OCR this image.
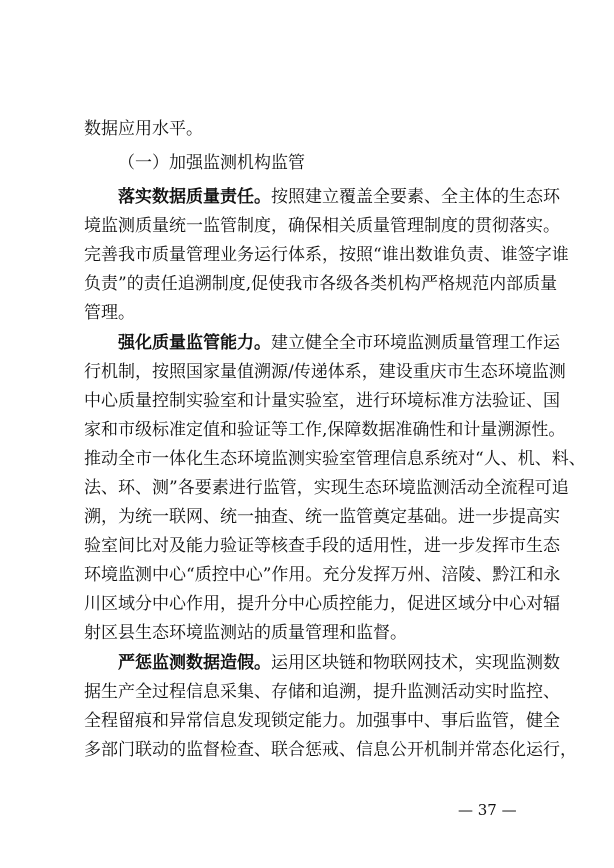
数据应用水平。
（一）加强监测机构监管
落实数据质量责任。按照建立覆盖全要素、全主体的生态环
境监测质量统一监管制度，确保相关质量管理制度的贯彻落实。
完善我市质量管理业务运行体系，按照“谁出数谁负责、谁签字谁
负责”的责任追溯制度,促使我市各级各类机构严格规范内部质量
管理。
强化质量监管能力。建立健全全市环境监测质量管理工作运
行机制，按照国家量值溯源/传递体系，建设重庆市生态环境监测
中心质量控制实验室和计量实验室，进行环境标准方法验证、国
家和市级标准定值和验证等工作,保障数据准确性和计量溯源性。
推动全市一体化生态环境监测实验室管理信息系统对“人、机、料、
法、环、测”各要素进行监管，实现生态环境监测活动全流程可追
溯，为统一联网、统一抽查、统一监管奠定基础。进一步提高实
验室间比对及能力验证等核查手段的适用性，进一步发挥市生态
环境监测中心“质控中心”作用。充分发挥万州、涪陵、黔江和永
川区域分中心作用，提升分中心质控能力，促进区域分中心对辐
射区县生态环境监测站的质量管理和监督。
严惩监测数据造假。运用区块链和物联网技术，实现监测数
据生产全过程信息采集、存储和追溯，提升监测活动实时监控、
全程留痕和异常信息发现锁定能力。加强事中、事后监管，健全
多部门联动的监督检查、联合惩戒、信息公开机制并常态化运行，
— 37 —
